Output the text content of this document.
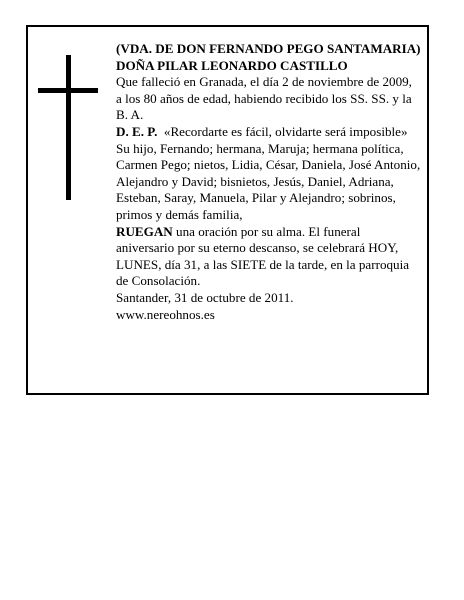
(VDA. DE DON FERNANDO PEGO SANTAMARIA)

DOÑA PILAR LEONARDO CASTILLO

Que falleció en Granada, el día 2 de noviembre de 2009, a los 80 años de edad, habiendo recibido los SS. SS. y la B. A.

D. E. P. «Recordarte es fácil, olvidarte será imposible»

Su hijo, Fernando; hermana, Maruja; hermana política, Carmen Pego; nietos, Lidia, César, Daniela, José Antonio, Alejandro y David; bisnietos, Jesús, Daniel, Adriana, Esteban, Saray, Manuela, Pilar y Alejandro; sobrinos, primos y demás familia,

RUEGAN una oración por su alma. El funeral aniversario por su eterno descanso, se celebrará HOY, LUNES, día 31, a las SIETE de la tarde, en la parroquia de Consolación.

Santander, 31 de octubre de 2011.

www.nereohnos.es
